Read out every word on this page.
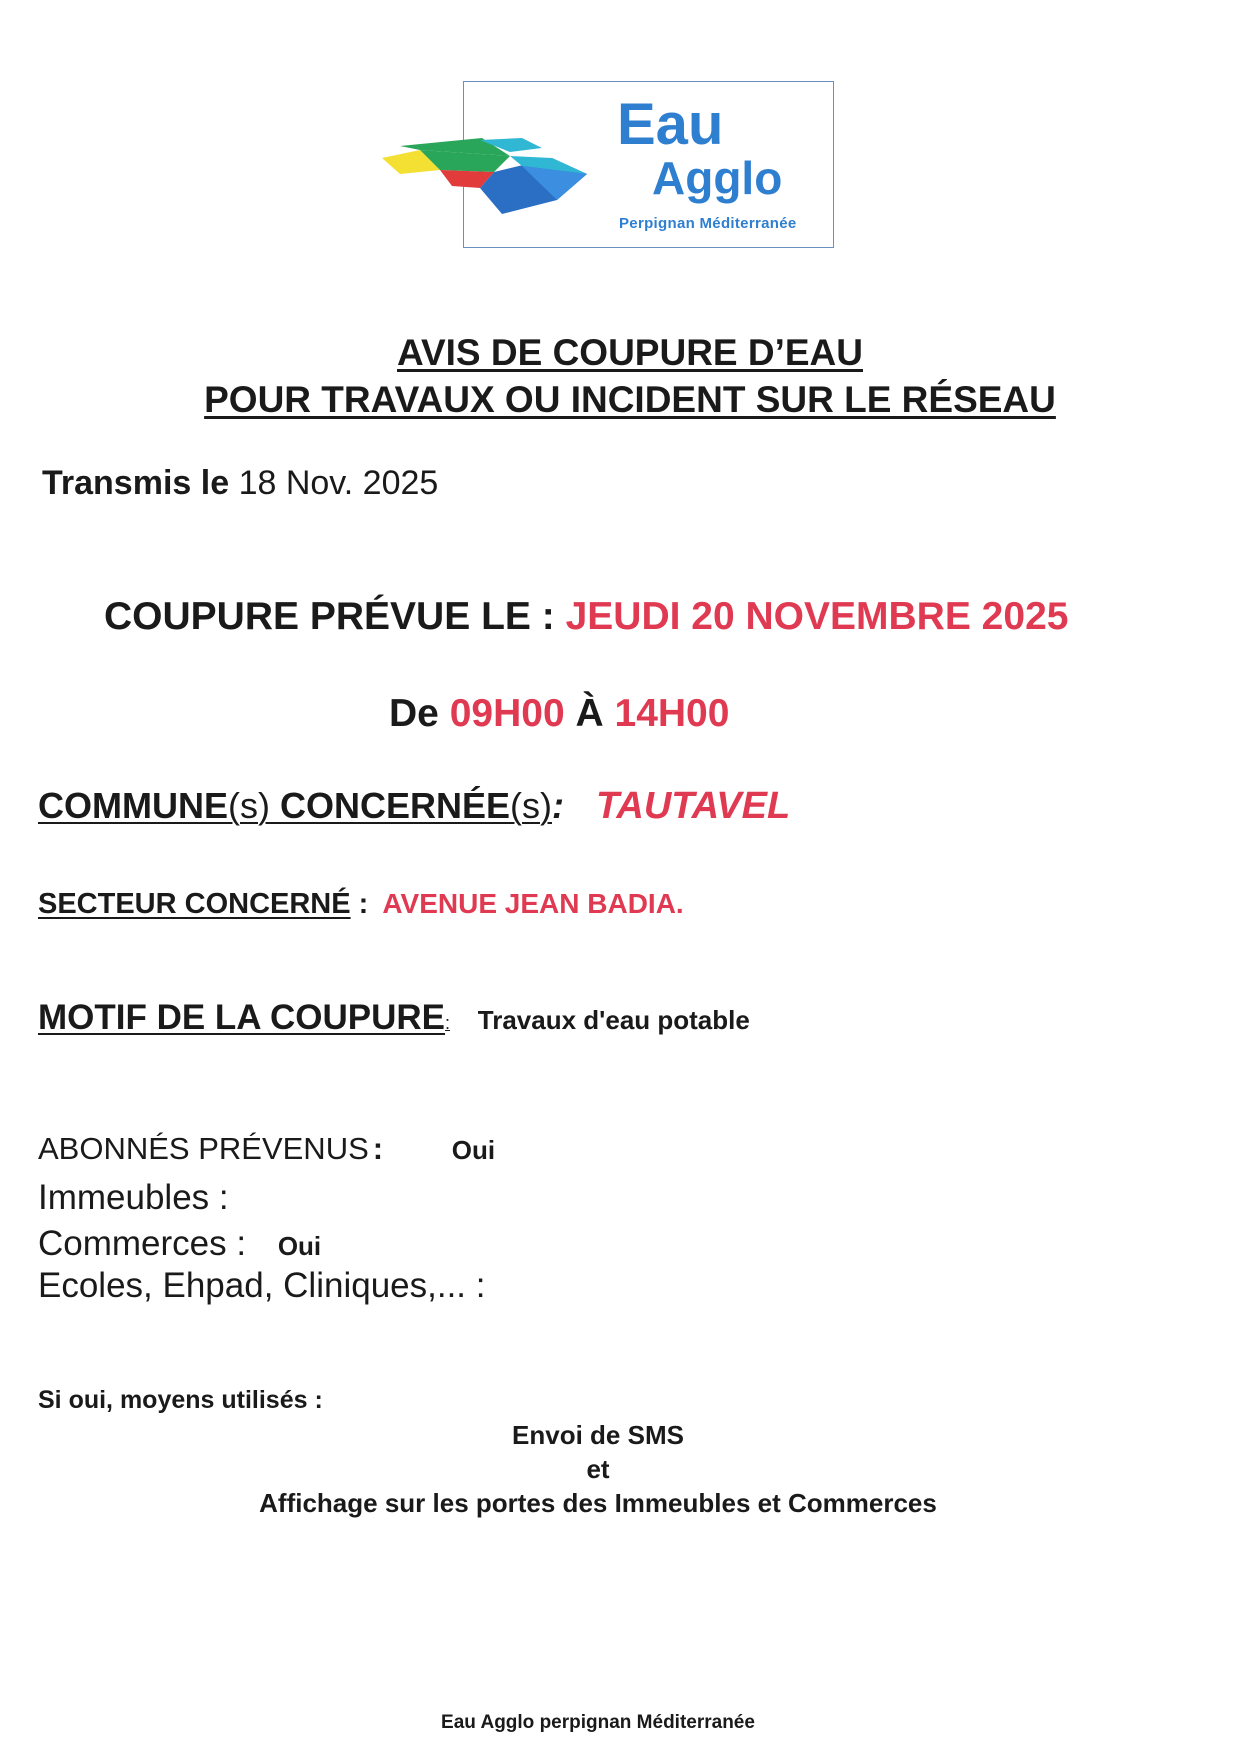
Eau
Agglo
Perpignan Méditerranée
AVIS DE COUPURE D’EAU
POUR TRAVAUX OU INCIDENT SUR LE RÉSEAU
Transmis le 18 Nov. 2025
COUPURE PRÉVUE LE : JEUDI 20 NOVEMBRE 2025
De 09H00 À 14H00
COMMUNE(s) CONCERNÉE(s): TAUTAVEL
SECTEUR CONCERNÉ : AVENUE JEAN BADIA.
MOTIF DE LA COUPURE: Travaux d'eau potable
ABONNÉS PRÉVENUS :	Oui
Immeubles :
Commerces : Oui
Ecoles, Ehpad, Cliniques,... :
Si oui, moyens utilisés :
Envoi de SMS
et
Affichage sur les portes des Immeubles et Commerces
Eau Agglo perpignan Méditerranée
